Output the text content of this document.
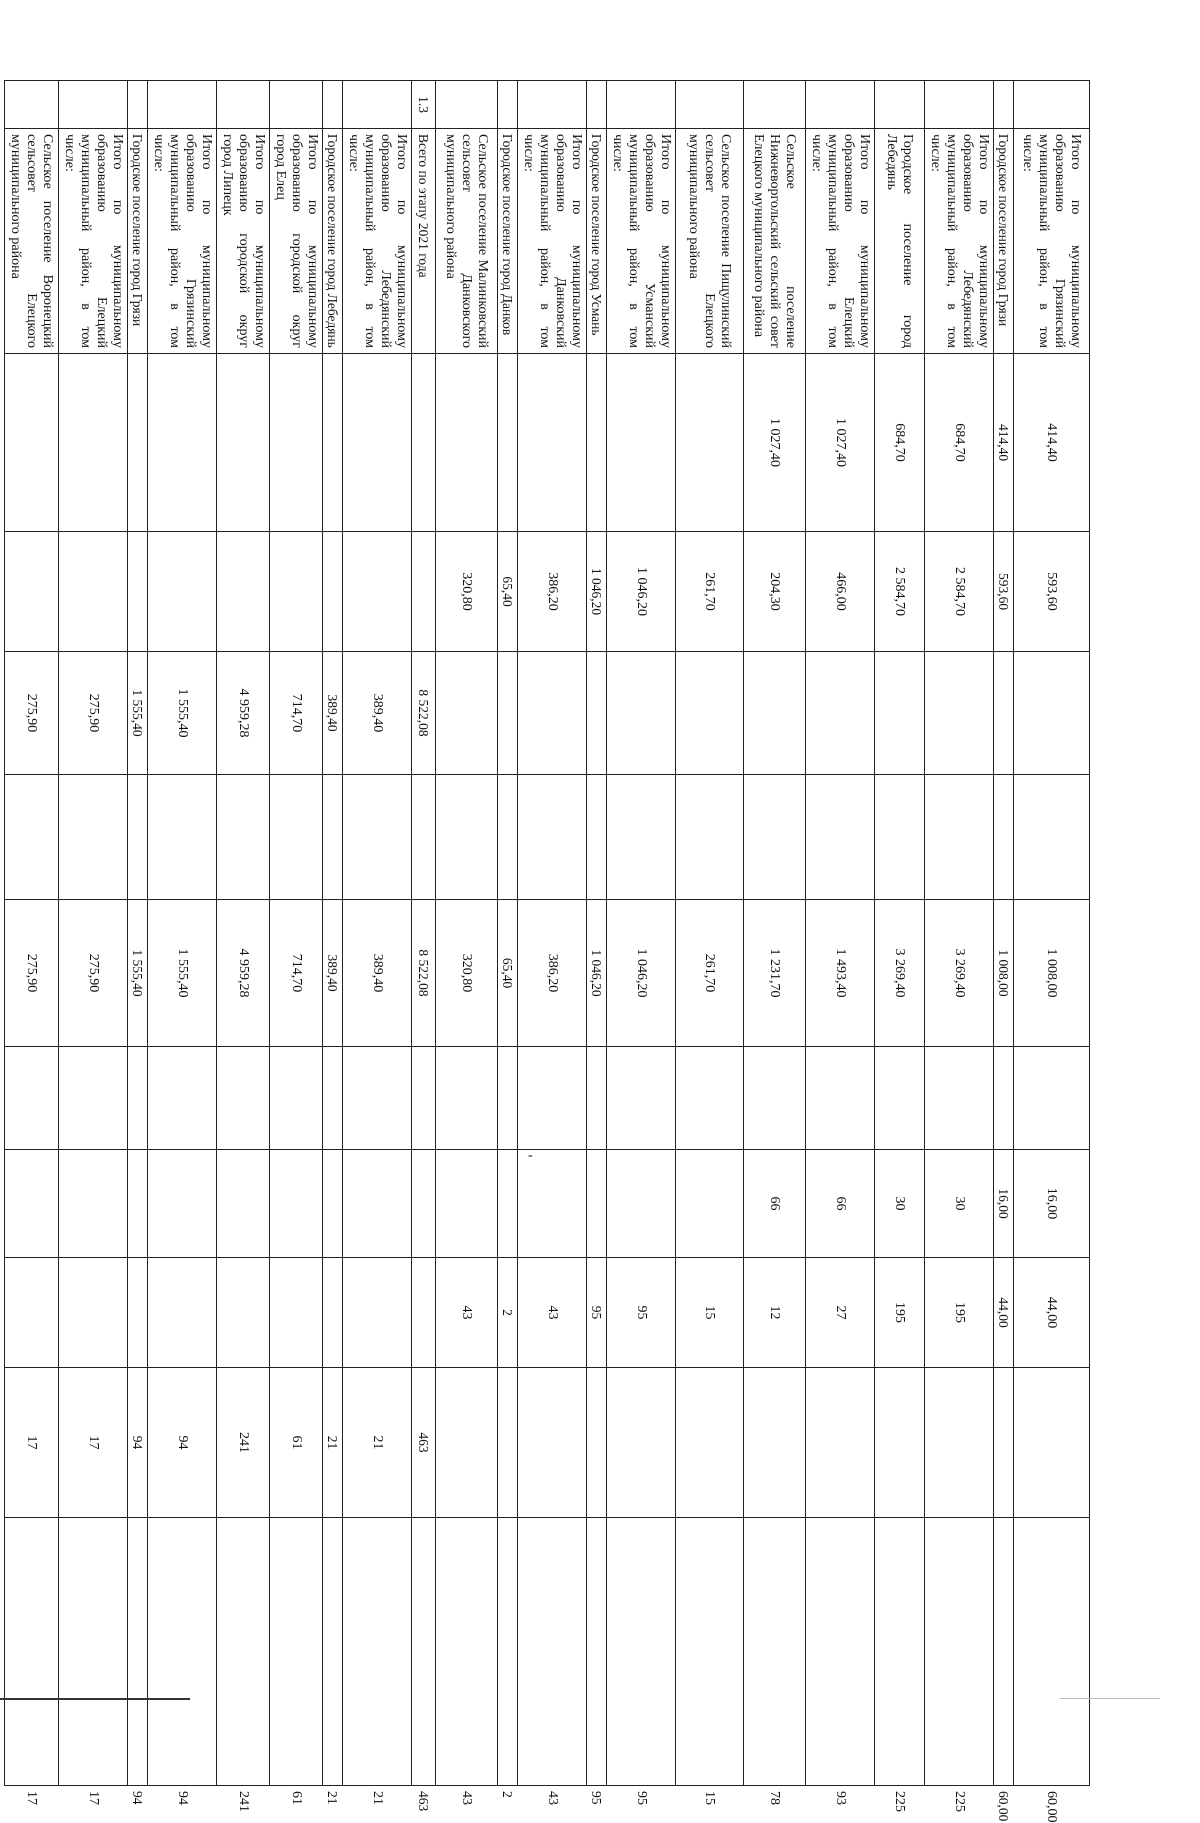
	Итого по муниципальному образованию Грязинский муниципальный район, в том числе:	414,40	593,60			1 008,00		16,00	44,00			60,00
	Городское поселение город Грязи	414,40	593,60			1 008,00		16,00	44,00			60,00
	Итого по муниципальному образованию Лебедянский муниципальный район, в том числе:	684,70	2 584,70			3 269,40		30	195			225
	Городское поселение город Лебедянь	684,70	2 584,70			3 269,40		30	195			225
	Итого по муниципальному образованию Елецкий муниципальный район, в том числе:	1 027,40	466,00			1 493,40		66	27			93
	Сельское поселение Нижневоргольский сельский совет Елецкого муниципального района	1 027,40	204,30			1 231,70		66	12			78
	Сельское поселение Пищулинский сельсовет Елецкого муниципального района		261,70			261,70			15			15
	Итого по муниципальному образованию Усманский муниципальный район, в том числе:		1 046,20			1 046,20			95			95
	Городское поселение город Усмань		1 046,20			1 046,20			95			95
	Итого по муниципальному образованию Данковский муниципальный район, в том числе:		386,20			386,20			43			43
	Городское поселение город Данков		65,40			65,40			2			2
	Сельское поселение Малинковский сельсовет Данковского муниципального района		320,80			320,80			43			43
1.3	Всего по этапу 2021 года			8 522,08		8 522,08				463		463
	Итого по муниципальному образованию Лебедянский муниципальный район, в том числе:			389,40		389,40				21		21
	Городское поселение город Лебедянь			389,40		389,40				21		21
	Итого по муниципальному образованию городской округ город Елец			714,70		714,70				61		61
	Итого по муниципальному образованию городской округ город Липецк			4 959,28		4 959,28				241		241
	Итого по муниципальному образованию Грязинский муниципальный район, в том числе:			1 555,40		1 555,40				94		94
	Городское поселение город Грязи			1 555,40		1 555,40				94		94
	Итого по муниципальному образованию Елецкий муниципальный район, в том числе:			275,90		275,90				17		17
	Сельское поселение Воронецкий сельсовет Елецкого муниципального района			275,90		275,90				17		17
-
